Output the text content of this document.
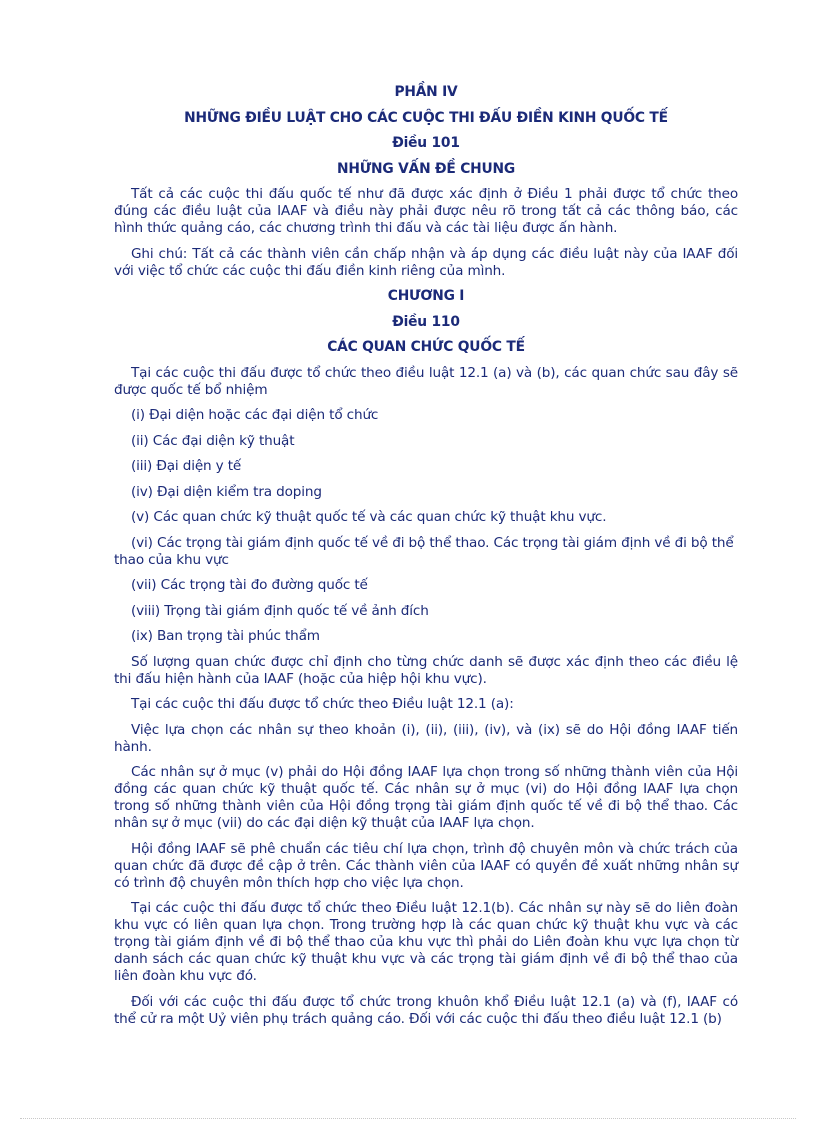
PHẦN IV
NHỮNG ĐIỀU LUẬT CHO CÁC CUỘC THI ĐẤU ĐIỀN KINH QUỐC TẾ
Điều 101
NHỮNG VẤN ĐỀ CHUNG
Tất cả các cuộc thi đấu quốc tế như đã được xác định ở Điều 1 phải được tổ chức theo đúng các điều luật của IAAF và điều này phải được nêu rõ trong tất cả các thông báo, các hình thức quảng cáo, các chương trình thi đấu và các tài liệu được ấn hành.
Ghi chú: Tất cả các thành viên cần chấp nhận và áp dụng các điều luật này của IAAF đối với việc tổ chức các cuộc thi đấu điền kinh riêng của mình.
CHƯƠNG I
Điều 110
CÁC QUAN CHỨC QUỐC TẾ
Tại các cuộc thi đấu được tổ chức theo điều luật 12.1 (a) và (b), các quan chức sau đây sẽ được quốc tế bổ nhiệm
(i) Đại diện hoặc các đại diện tổ chức
(ii) Các đại diện kỹ thuật
(iii) Đại diện y tế
(iv) Đại diện kiểm tra doping
(v) Các quan chức kỹ thuật quốc tế và các quan chức kỹ thuật khu vực.
(vi) Các trọng tài giám định quốc tế về đi bộ thể thao. Các trọng tài giám định về đi bộ thể thao của khu vực
(vii) Các trọng tài đo đường quốc tế
(viii) Trọng tài giám định quốc tế về ảnh đích
(ix) Ban trọng tài phúc thẩm
Số lượng quan chức được chỉ định cho từng chức danh sẽ được xác định theo các điều lệ thi đấu hiện hành của IAAF (hoặc của hiệp hội khu vực).
Tại các cuộc thi đấu được tổ chức theo Điều luật 12.1 (a):
Việc lựa chọn các nhân sự theo khoản (i), (ii), (iii), (iv), và (ix) sẽ do Hội đồng IAAF tiến hành.
Các nhân sự ở mục (v) phải do Hội đồng IAAF lựa chọn trong số những thành viên của Hội đồng các quan chức kỹ thuật quốc tế. Các nhân sự ở mục (vi) do Hội đồng IAAF lựa chọn trong số những thành viên của Hội đồng trọng tài giám định quốc tế về đi bộ thể thao. Các nhân sự ở mục (vii) do các đại diện kỹ thuật của IAAF lựa chọn.
Hội đồng IAAF sẽ phê chuẩn các tiêu chí lựa chọn, trình độ chuyên môn và chức trách của quan chức đã được đề cập ở trên. Các thành viên của IAAF có quyền đề xuất những nhân sự có trình độ chuyên môn thích hợp cho việc lựa chọn.
Tại các cuộc thi đấu được tổ chức theo Điều luật 12.1(b). Các nhân sự này sẽ do liên đoàn khu vực có liên quan lựa chọn. Trong trường hợp là các quan chức kỹ thuật khu vực và các trọng tài giám định về đi bộ thể thao của khu vực thì phải do Liên đoàn khu vực lựa chọn từ danh sách các quan chức kỹ thuật khu vực và các trọng tài giám định về đi bộ thể thao của liên đoàn khu vực đó.
Đối với các cuộc thi đấu được tổ chức trong khuôn khổ Điều luật 12.1 (a) và (f), IAAF có thể cử ra một Uỷ viên phụ trách quảng cáo. Đối với các cuộc thi đấu theo điều luật 12.1 (b)
